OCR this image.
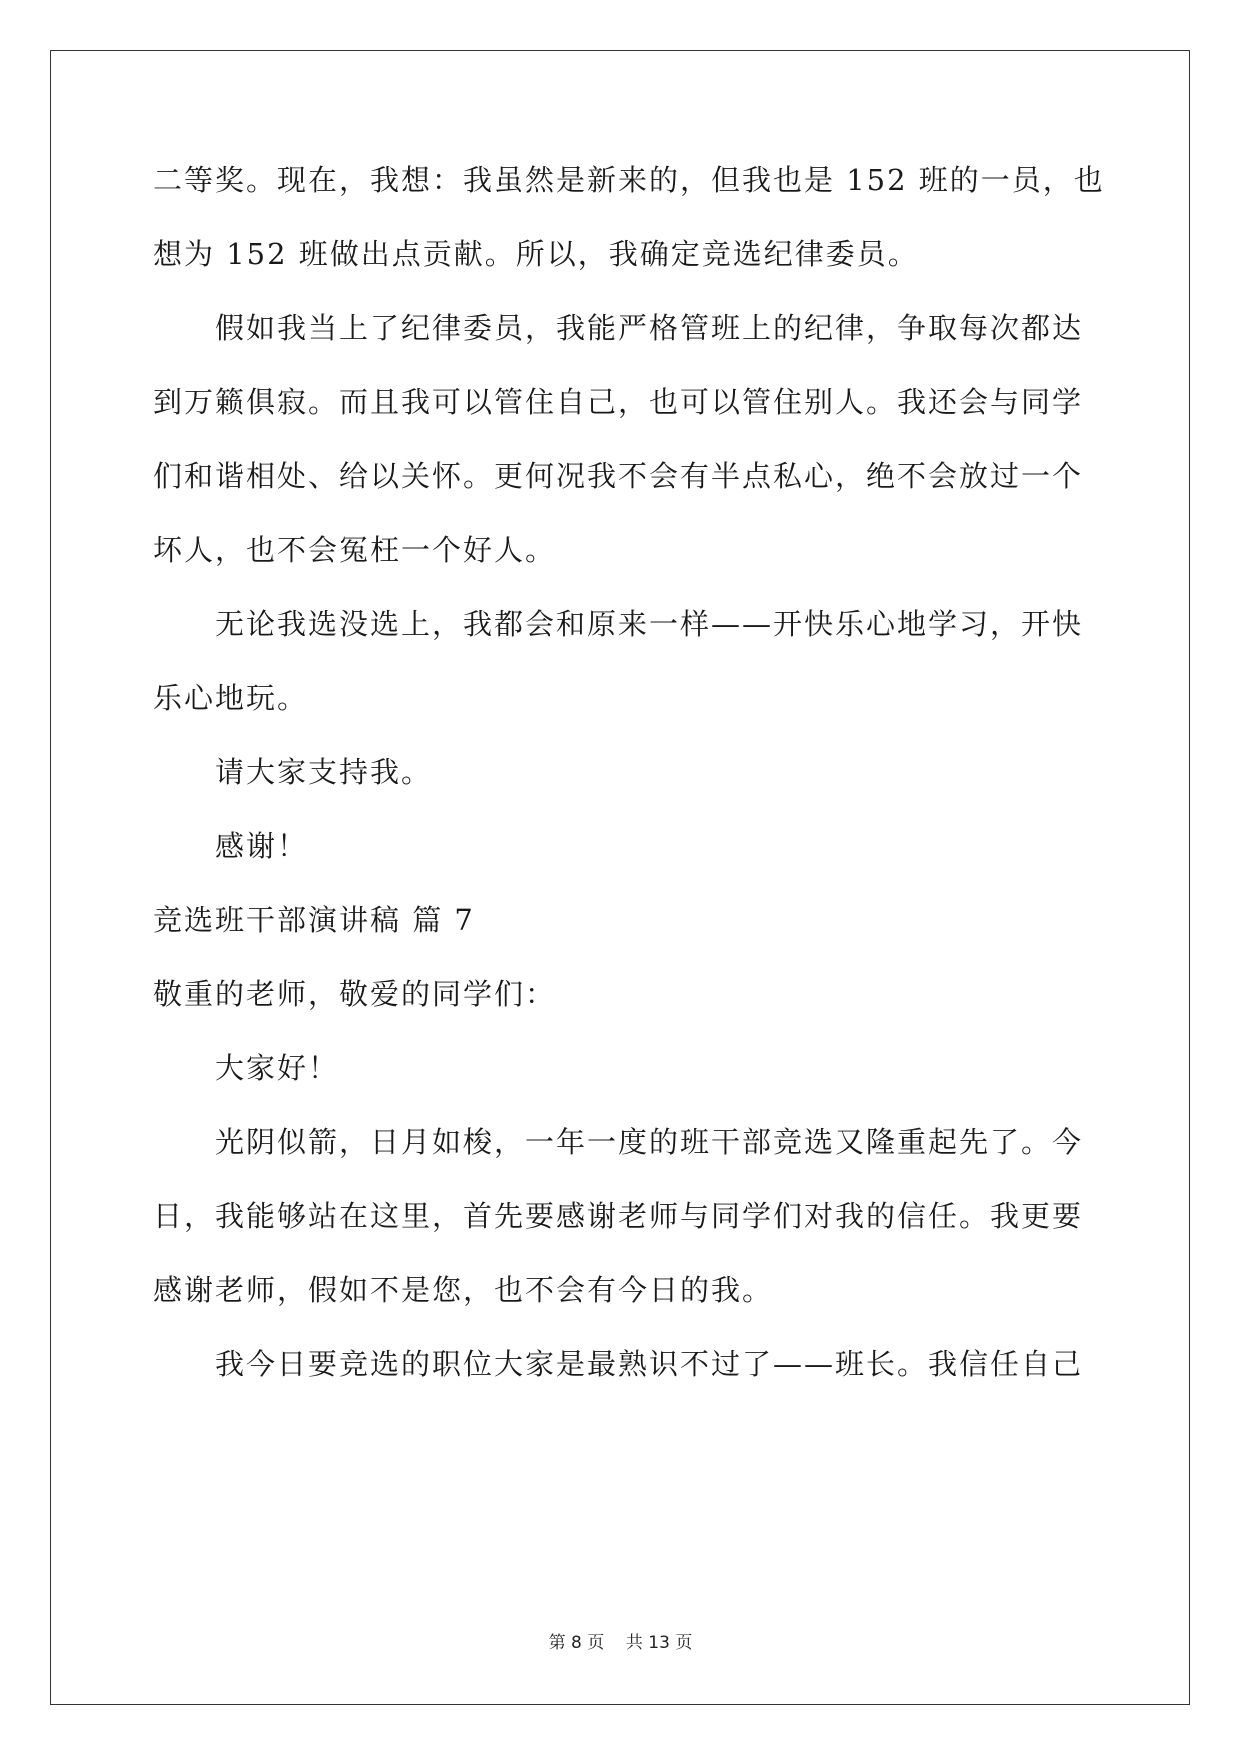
二等奖。现在，我想：我虽然是新来的，但我也是 152 班的一员，也
想为 152 班做出点贡献。所以，我确定竞选纪律委员。
假如我当上了纪律委员，我能严格管班上的纪律，争取每次都达
到万籁俱寂。而且我可以管住自己，也可以管住别人。我还会与同学
们和谐相处、给以关怀。更何况我不会有半点私心，绝不会放过一个
坏人，也不会冤枉一个好人。
无论我选没选上，我都会和原来一样——开快乐心地学习，开快
乐心地玩。
请大家支持我。
感谢！
竞选班干部演讲稿 篇 7
敬重的老师，敬爱的同学们：
大家好！
光阴似箭，日月如梭，一年一度的班干部竞选又隆重起先了。今
日，我能够站在这里，首先要感谢老师与同学们对我的信任。我更要
感谢老师，假如不是您，也不会有今日的我。
我今日要竞选的职位大家是最熟识不过了——班长。我信任自己
第 8 页    共 13 页
